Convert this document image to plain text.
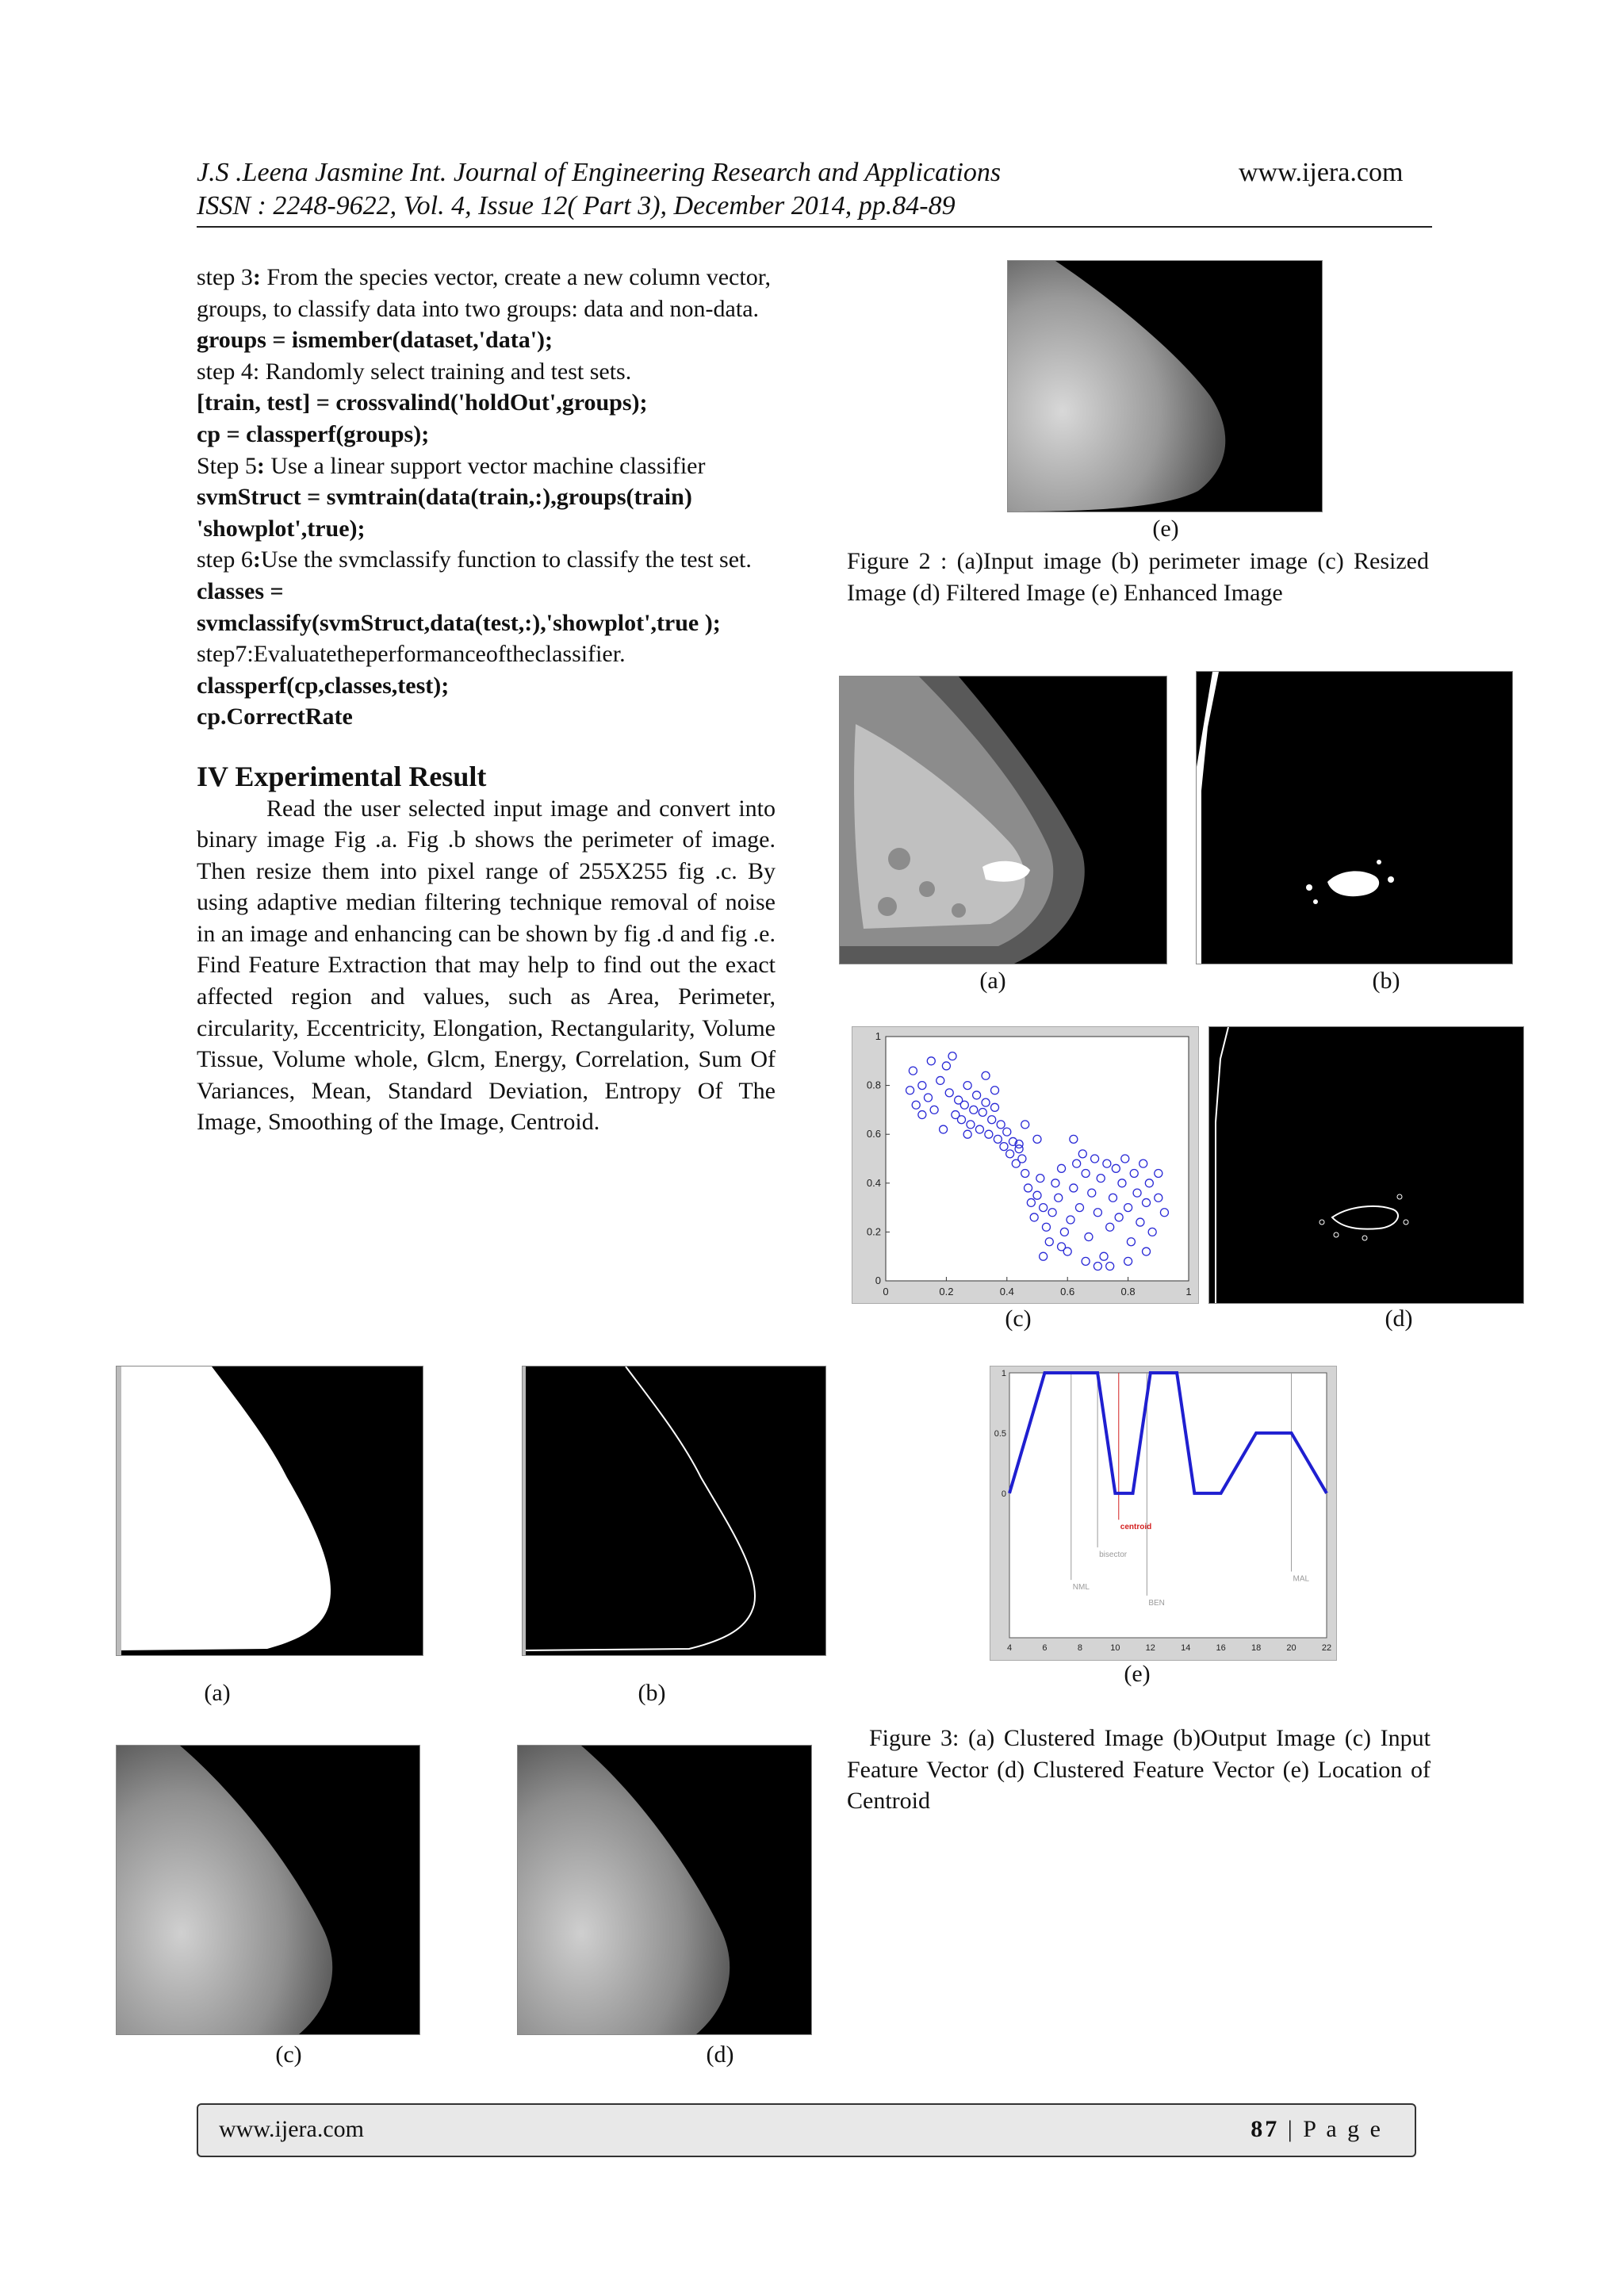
J.S .Leena Jasmine Int. Journal of Engineering Research and Applications	www.ijera.com
ISSN : 2248-9622, Vol. 4, Issue 12( Part 3), December 2014, pp.84-89

step 3: From the species vector, create a new column vector, groups, to classify data into two groups: data and non-data.

groups = ismember(dataset,'data');

step 4: Randomly select training and test sets.

[train, test] = crossvalind('holdOut',groups);

cp = classperf(groups);

Step 5: Use a linear support vector machine classifier

svmStruct = svmtrain(data(train,:),groups(train) 'showplot',true);

step 6:Use the svmclassify function to classify the test set.

classes = svmclassify(svmStruct,data(test,:),'showplot',true );

step7:Evaluatetheperformanceoftheclassifier.

classperf(cp,classes,test);

cp.CorrectRate

IV Experimental Result

Read the user selected input image and convert into binary image Fig .a. Fig .b shows the perimeter of image. Then resize them into pixel range of 255X255 fig .c. By using adaptive median filtering technique removal of noise in an image and enhancing can be shown by fig .d and fig .e. Find Feature Extraction that may help to find out the exact affected region and values, such as Area, Perimeter, circularity, Eccentricity, Elongation, Rectangularity, Volume Tissue, Volume whole, Glcm, Energy, Correlation, Sum Of Variances, Mean, Standard Deviation, Entropy Of The Image, Smoothing of the Image, Centroid.

(e)
Figure 2 : (a)Input image (b) perimeter image (c) Resized Image (d) Filtered Image (e) Enhanced Image
(a)	(b)
0	0.2	0.4	0.6	0.8	1
0
0.2
0.4
0.6
0.8
1
(c)	(d)
4	6	8	10	12	14	16	18	20	22
1
0.5
0
NML
bisector
centroid
BEN
MAL
(e)
Figure 3: (a) Clustered Image (b)Output Image (c) Input Feature Vector (d) Clustered Feature Vector (e) Location of Centroid
(a)	(b)
(c)	(d)
www.ijera.com	87 | P a g e
